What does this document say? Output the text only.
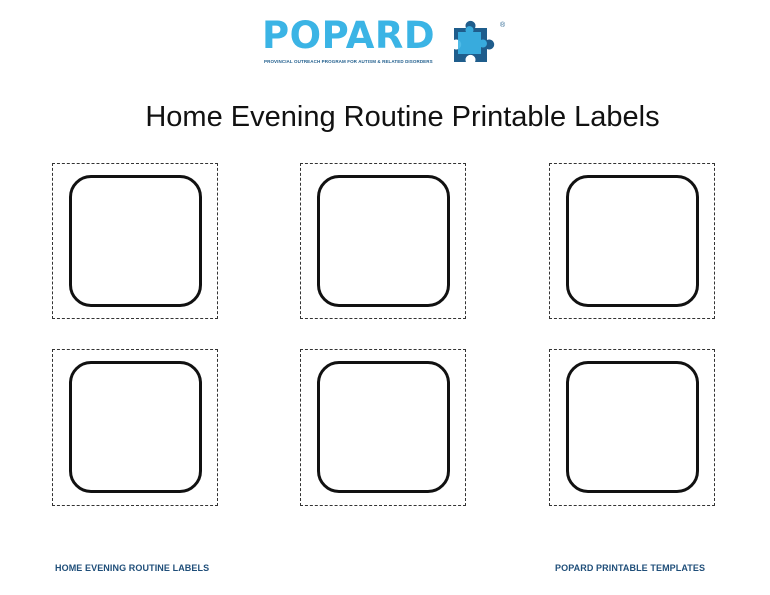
POPARD	®
PROVINCIAL OUTREACH PROGRAM FOR AUTISM & RELATED DISORDERS
Home Evening Routine Printable Labels
HOME EVENING ROUTINE LABELS	POPARD PRINTABLE TEMPLATES
